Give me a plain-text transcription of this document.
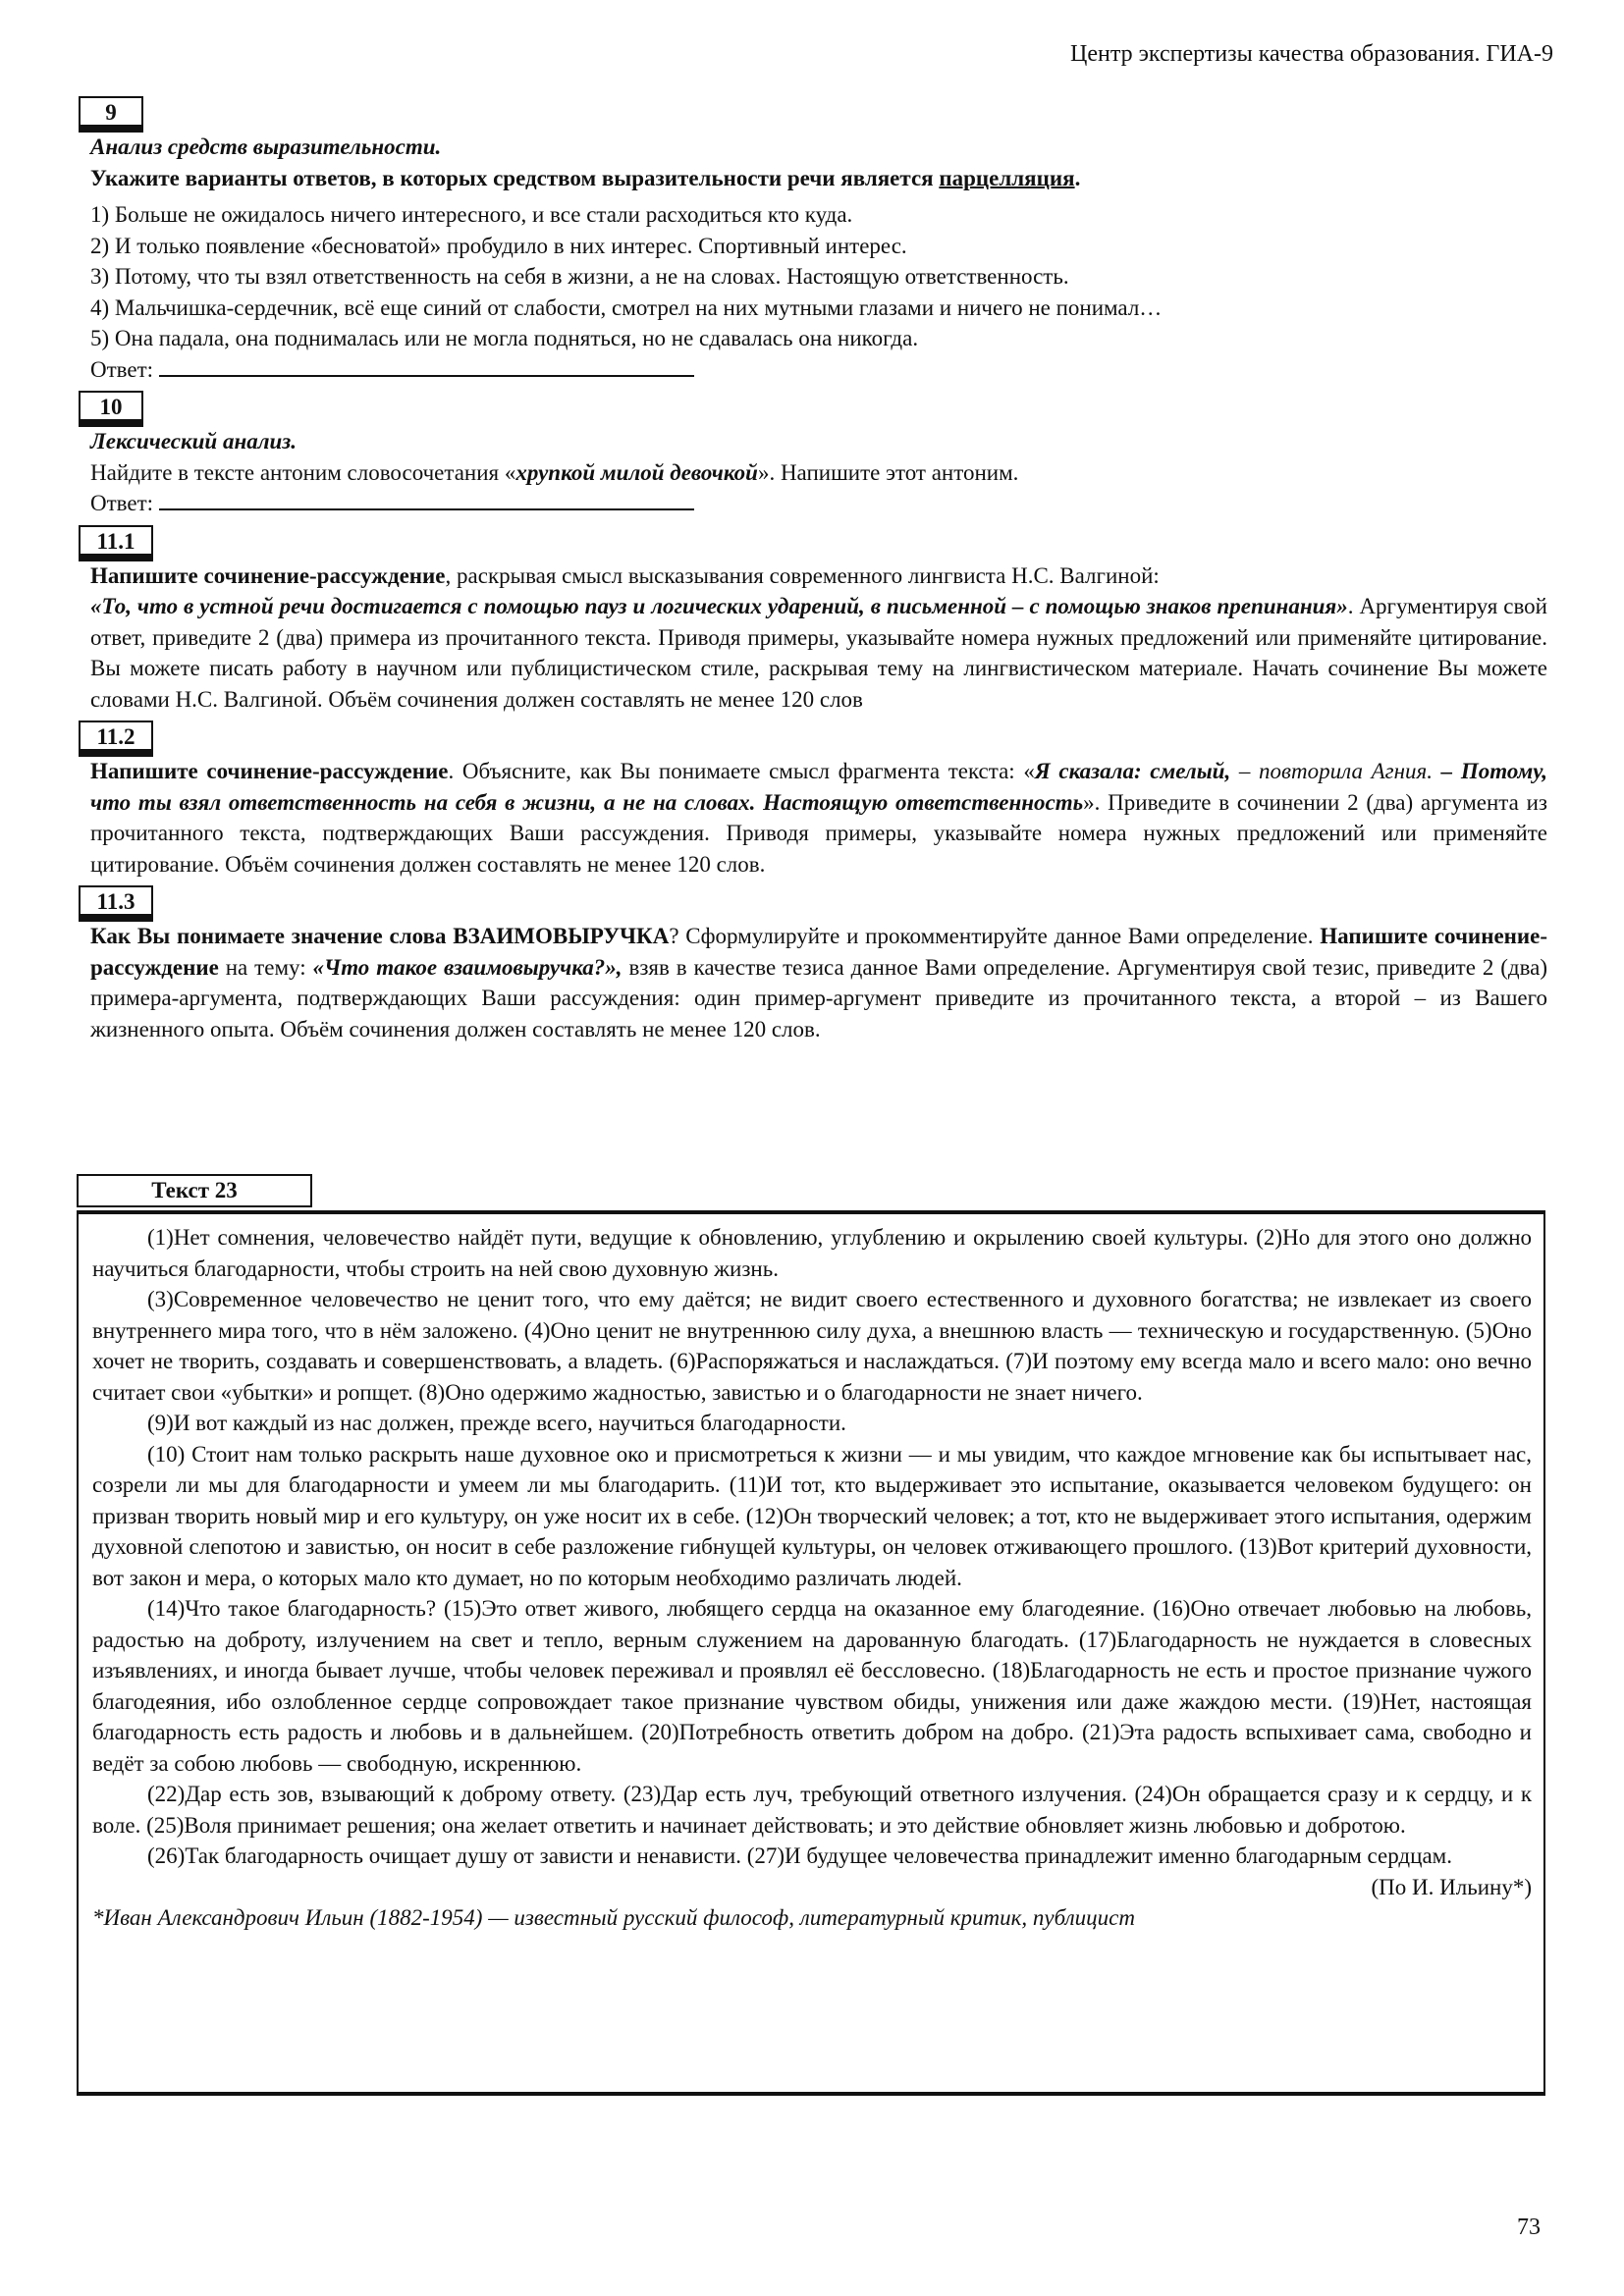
Центр экспертизы качества образования. ГИА-9
9

Анализ средств выразительности.

Укажите варианты ответов, в которых средством выразительности речи является парцелляция.

1) Больше не ожидалось ничего интересного, и все стали расходиться кто куда.
2) И только появление «бесноватой» пробудило в них интерес. Спортивный интерес.
3) Потому, что ты взял ответственность на себя в жизни, а не на словах. Настоящую ответственность.
4) Мальчишка-сердечник, всё еще синий от слабости, смотрел на них мутными глазами и ничего не понимал…
5) Она падала, она поднималась или не могла подняться, но не сдавалась она никогда.
Ответ:
10

Лексический анализ.

Найдите в тексте антоним словосочетания «хрупкой милой девочкой». Напишите этот антоним.

Ответ:
11.1

Напишите сочинение-рассуждение, раскрывая смысл высказывания современного лингвиста Н.С. Валгиной:
«То, что в устной речи достигается с помощью пауз и логических ударений, в письменной – с помощью знаков препинания». Аргументируя свой ответ, приведите 2 (два) примера из прочитанного текста. Приводя примеры, указывайте номера нужных предложений или применяйте цитирование. Вы можете писать работу в научном или публицистическом стиле, раскрывая тему на лингвистическом материале. Начать сочинение Вы можете словами Н.С. Валгиной. Объём сочинения должен составлять не менее 120 слов

11.2

Напишите сочинение-рассуждение. Объясните, как Вы понимаете смысл фрагмента текста: «Я сказала: смелый, – повторила Агния. – Потому, что ты взял ответственность на себя в жизни, а не на словах. Настоящую ответственность». Приведите в сочинении 2 (два) аргумента из прочитанного текста, подтверждающих Ваши рассуждения. Приводя примеры, указывайте номера нужных предложений или применяйте цитирование. Объём сочинения должен составлять не менее 120 слов.

11.3

Как Вы понимаете значение слова ВЗАИМОВЫРУЧКА? Сформулируйте и прокомментируйте данное Вами определение. Напишите сочинение-рассуждение на тему: «Что такое взаимовыручка?», взяв в качестве тезиса данное Вами определение. Аргументируя свой тезис, приведите 2 (два) примера-аргумента, подтверждающих Ваши рассуждения: один пример-аргумент приведите из прочитанного текста, а второй – из Вашего жизненного опыта. Объём сочинения должен составлять не менее 120 слов.

Текст 23

(1)Нет сомнения, человечество найдёт пути, ведущие к обновлению, углублению и окрылению своей культуры. (2)Но для этого оно должно научиться благодарности, чтобы строить на ней свою духовную жизнь.

(3)Современное человечество не ценит того, что ему даётся; не видит своего естественного и духовного богатства; не извлекает из своего внутреннего мира того, что в нём заложено. (4)Оно ценит не внутреннюю силу духа, а внешнюю власть — техническую и государственную. (5)Оно хочет не творить, создавать и совершенствовать, а владеть. (6)Распоряжаться и наслаждаться. (7)И поэтому ему всегда мало и всего мало: оно вечно считает свои «убытки» и ропщет. (8)Оно одержимо жадностью, завистью и о благодарности не знает ничего.

(9)И вот каждый из нас должен, прежде всего, научиться благодарности.

(10) Стоит нам только раскрыть наше духовное око и присмотреться к жизни — и мы увидим, что каждое мгновение как бы испытывает нас, созрели ли мы для благодарности и умеем ли мы благодарить. (11)И тот, кто выдерживает это испытание, оказывается человеком будущего: он призван творить новый мир и его культуру, он уже носит их в себе. (12)Он творческий человек; а тот, кто не выдерживает этого испытания, одержим духовной слепотою и завистью, он носит в себе разложение гибнущей культуры, он человек отживающего прошлого. (13)Вот критерий духовности, вот закон и мера, о которых мало кто думает, но по которым необходимо различать людей.

(14)Что такое благодарность? (15)Это ответ живого, любящего сердца на оказанное ему благодеяние. (16)Оно отвечает любовью на любовь, радостью на доброту, излучением на свет и тепло, верным служением на дарованную благодать. (17)Благодарность не нуждается в словесных изъявлениях, и иногда бывает лучше, чтобы человек переживал и проявлял её бессловесно. (18)Благодарность не есть и простое признание чужого благодеяния, ибо озлобленное сердце сопровождает такое признание чувством обиды, унижения или даже жаждою мести. (19)Нет, настоящая благодарность есть радость и любовь и в дальнейшем. (20)Потребность ответить добром на добро. (21)Эта радость вспыхивает сама, свободно и ведёт за собою любовь — свободную, искреннюю.

(22)Дар есть зов, взывающий к доброму ответу. (23)Дар есть луч, требующий ответного излучения. (24)Он обращается сразу и к сердцу, и к воле. (25)Воля принимает решения; она желает ответить и начинает действовать; и это действие обновляет жизнь любовью и добротою.

(26)Так благодарность очищает душу от зависти и ненависти. (27)И будущее человечества принадлежит именно благодарным сердцам.

(По И. Ильину*)

*Иван Александрович Ильин (1882-1954) — известный русский философ, литературный критик, публицист

73
